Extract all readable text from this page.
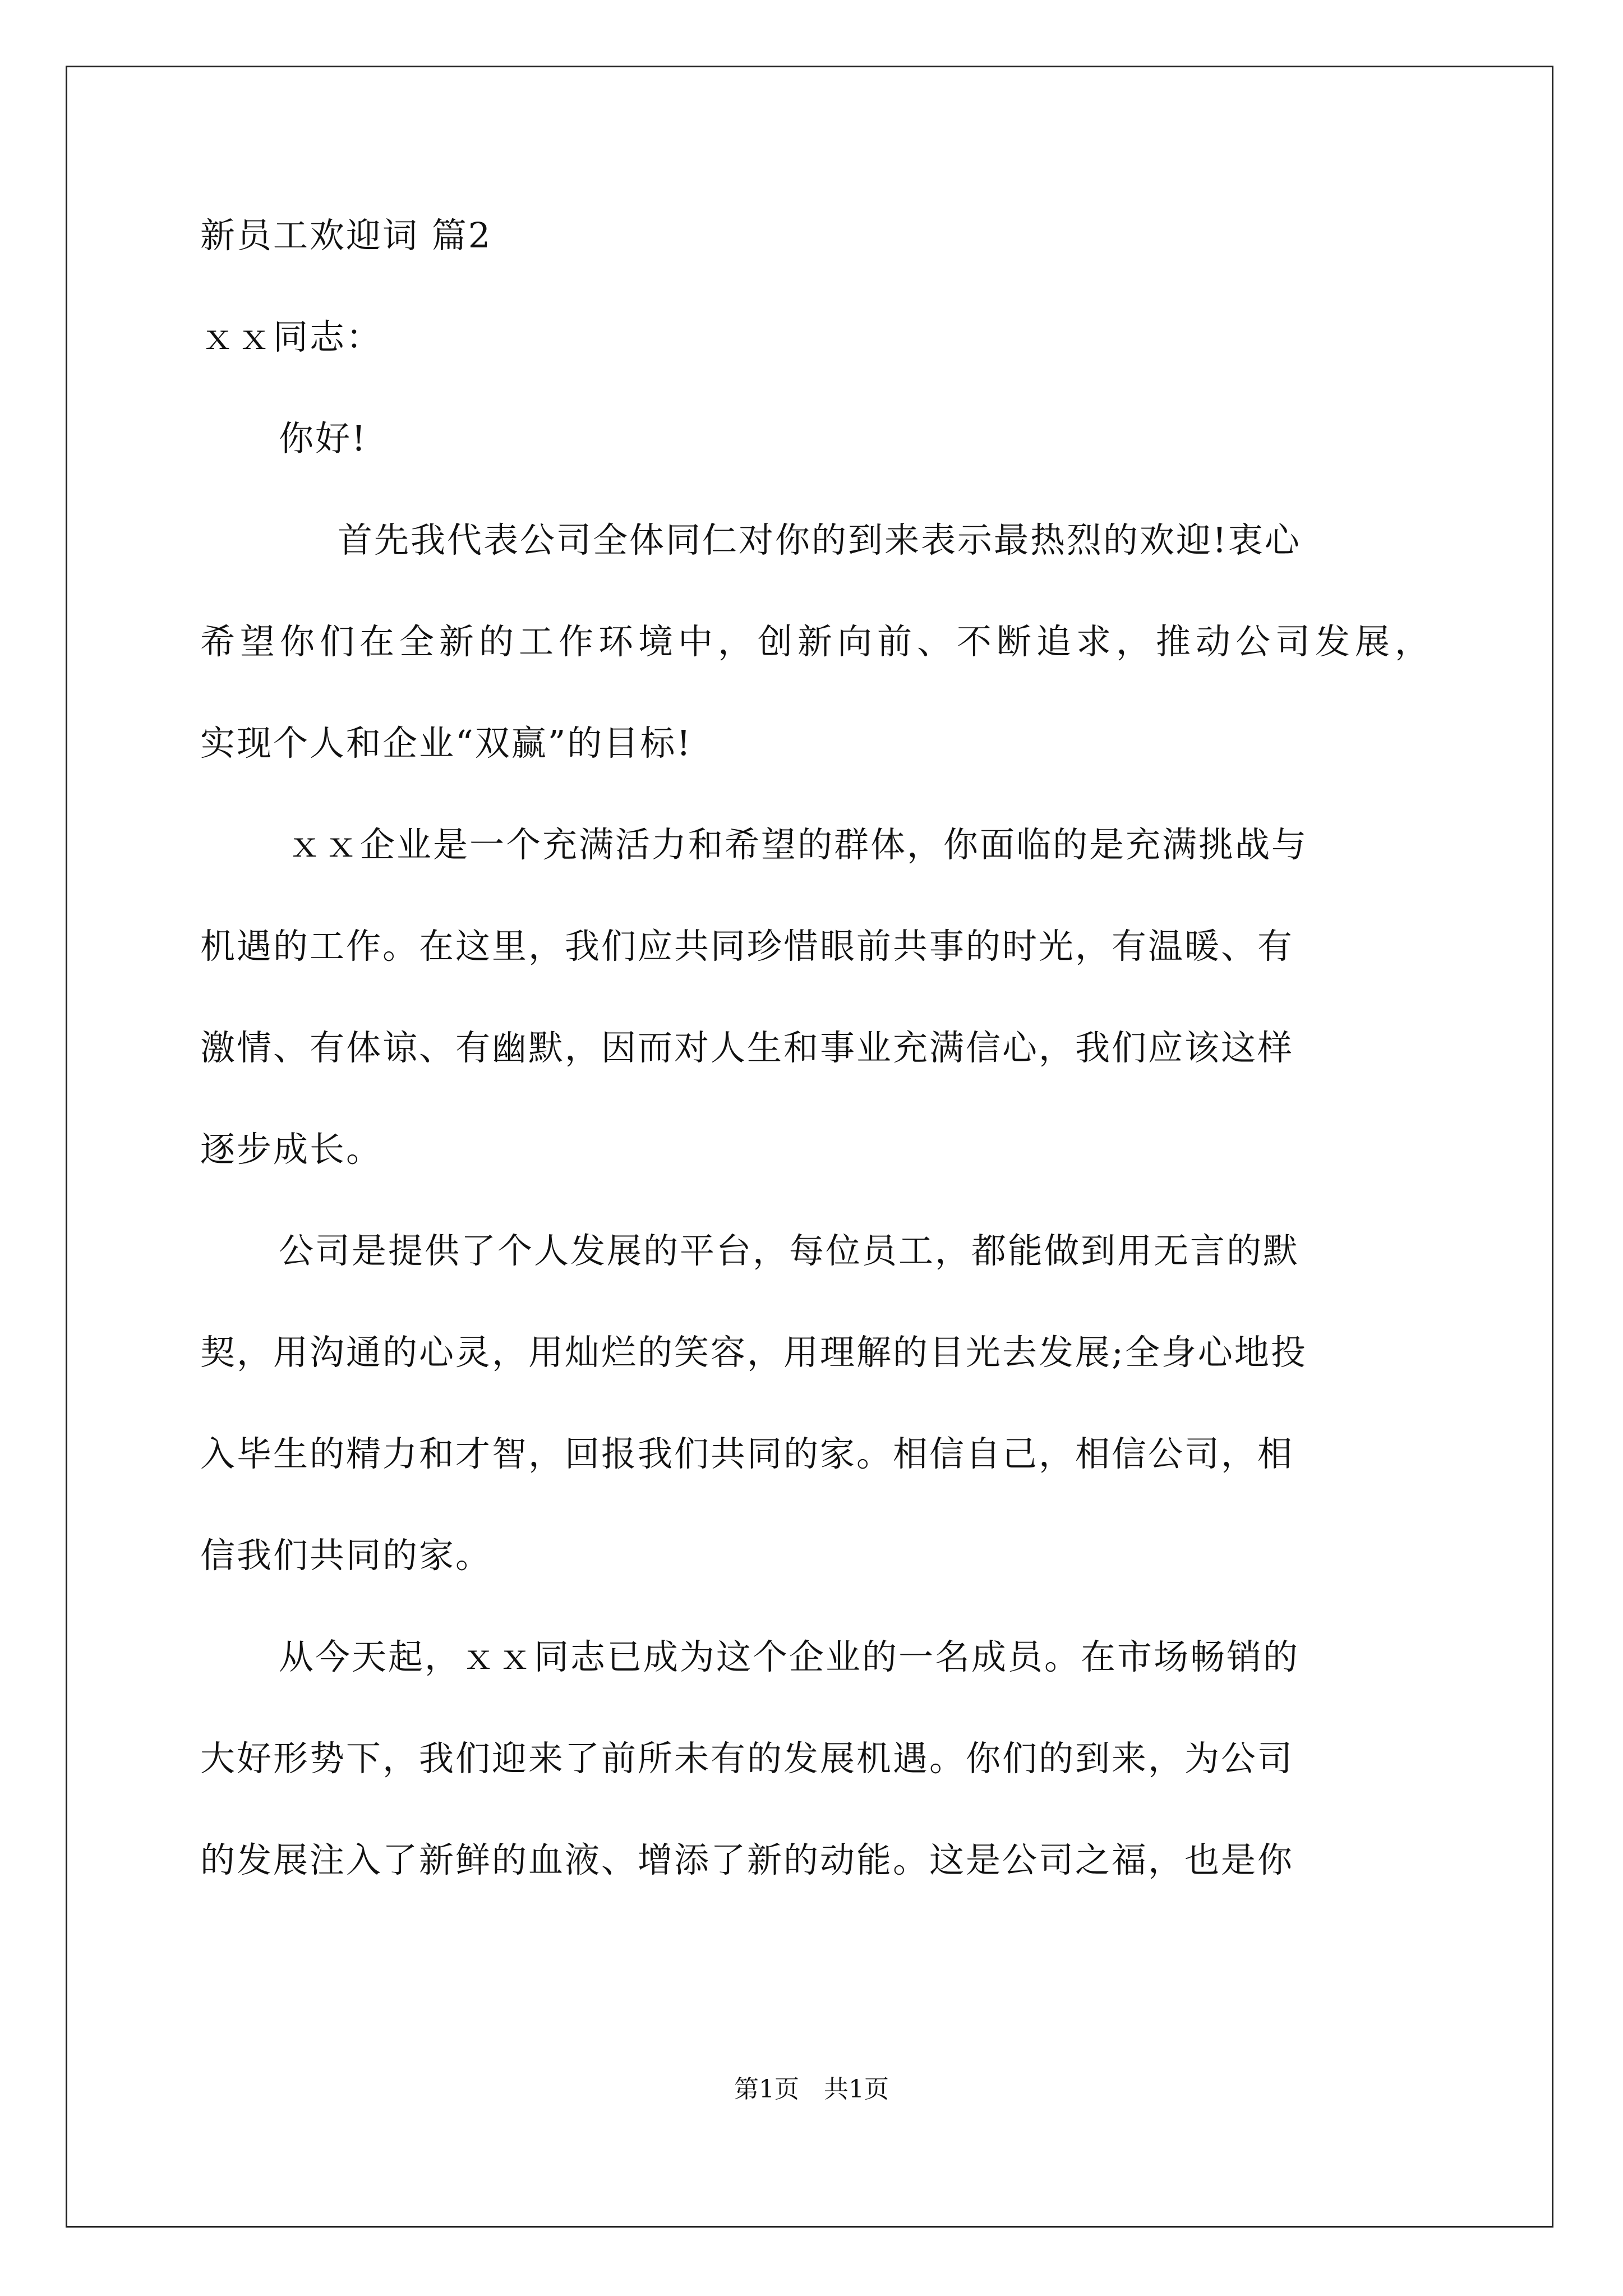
新员工欢迎词 篇2

ｘｘ同志：

你好!

首先我代表公司全体同仁对你的到来表示最热烈的欢迎!衷心

希望你们在全新的工作环境中，创新向前、不断追求，推动公司发展，

实现个人和企业“双赢”的目标!

ｘｘ企业是一个充满活力和希望的群体，你面临的是充满挑战与

机遇的工作。在这里，我们应共同珍惜眼前共事的时光，有温暖、有

激情、有体谅、有幽默，因而对人生和事业充满信心，我们应该这样

逐步成长。

公司是提供了个人发展的平台，每位员工，都能做到用无言的默

契，用沟通的心灵，用灿烂的笑容，用理解的目光去发展;全身心地投

入毕生的精力和才智，回报我们共同的家。相信自己，相信公司，相

信我们共同的家。

从今天起，ｘｘ同志已成为这个企业的一名成员。在市场畅销的

大好形势下，我们迎来了前所未有的发展机遇。你们的到来，为公司

的发展注入了新鲜的血液、增添了新的动能。这是公司之福，也是你

第1页　共1页
